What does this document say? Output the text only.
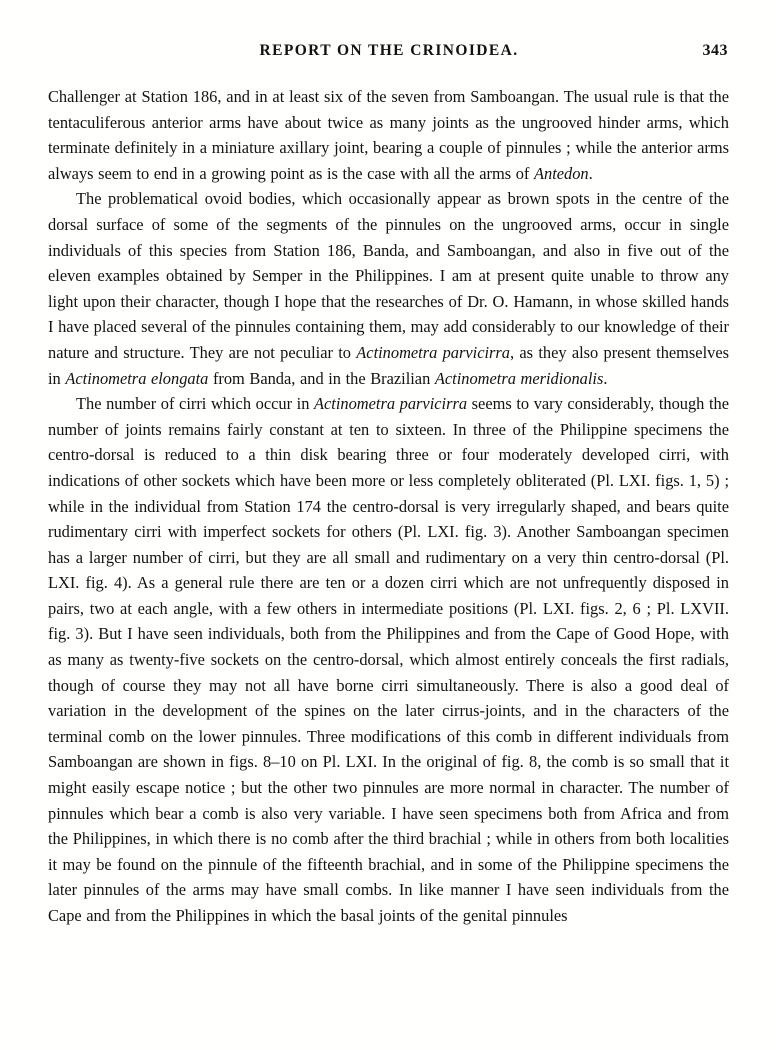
REPORT ON THE CRINOIDEA.	343

Challenger at Station 186, and in at least six of the seven from Samboangan. The usual rule is that the tentaculiferous anterior arms have about twice as many joints as the ungrooved hinder arms, which terminate definitely in a miniature axillary joint, bearing a couple of pinnules ; while the anterior arms always seem to end in a growing point as is the case with all the arms of Antedon.

The problematical ovoid bodies, which occasionally appear as brown spots in the centre of the dorsal surface of some of the segments of the pinnules on the ungrooved arms, occur in single individuals of this species from Station 186, Banda, and Samboangan, and also in five out of the eleven examples obtained by Semper in the Philippines. I am at present quite unable to throw any light upon their character, though I hope that the researches of Dr. O. Hamann, in whose skilled hands I have placed several of the pinnules containing them, may add considerably to our knowledge of their nature and structure. They are not peculiar to Actinometra parvicirra, as they also present themselves in Actinometra elongata from Banda, and in the Brazilian Actinometra meridionalis.

The number of cirri which occur in Actinometra parvicirra seems to vary considerably, though the number of joints remains fairly constant at ten to sixteen. In three of the Philippine specimens the centro-dorsal is reduced to a thin disk bearing three or four moderately developed cirri, with indications of other sockets which have been more or less completely obliterated (Pl. LXI. figs. 1, 5) ; while in the individual from Station 174 the centro-dorsal is very irregularly shaped, and bears quite rudimentary cirri with imperfect sockets for others (Pl. LXI. fig. 3). Another Samboangan specimen has a larger number of cirri, but they are all small and rudimentary on a very thin centro-dorsal (Pl. LXI. fig. 4). As a general rule there are ten or a dozen cirri which are not unfrequently disposed in pairs, two at each angle, with a few others in intermediate positions (Pl. LXI. figs. 2, 6 ; Pl. LXVII. fig. 3). But I have seen individuals, both from the Philippines and from the Cape of Good Hope, with as many as twenty-five sockets on the centro-dorsal, which almost entirely conceals the first radials, though of course they may not all have borne cirri simultaneously. There is also a good deal of variation in the development of the spines on the later cirrus-joints, and in the characters of the terminal comb on the lower pinnules. Three modifications of this comb in different individuals from Samboangan are shown in figs. 8–10 on Pl. LXI. In the original of fig. 8, the comb is so small that it might easily escape notice ; but the other two pinnules are more normal in character. The number of pinnules which bear a comb is also very variable. I have seen specimens both from Africa and from the Philippines, in which there is no comb after the third brachial ; while in others from both localities it may be found on the pinnule of the fifteenth brachial, and in some of the Philippine specimens the later pinnules of the arms may have small combs. In like manner I have seen individuals from the Cape and from the Philippines in which the basal joints of the genital pinnules
